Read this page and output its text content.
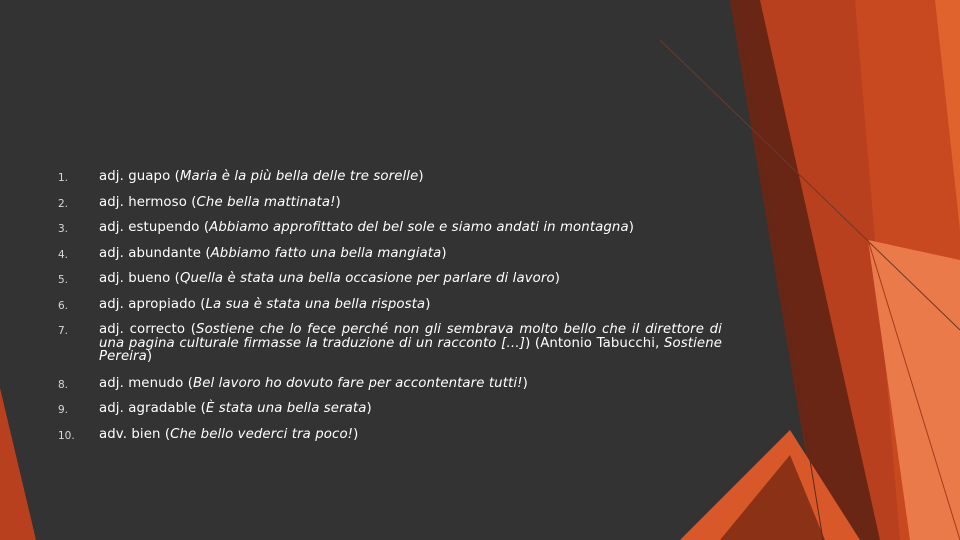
1. adj. guapo (Maria è la più bella delle tre sorelle)
2. adj. hermoso (Che bella mattinata!)
3. adj. estupendo (Abbiamo approfittato del bel sole e siamo andati in montagna)
4. adj. abundante (Abbiamo fatto una bella mangiata)
5. adj. bueno (Quella è stata una bella occasione per parlare di lavoro)
6. adj. apropiado (La sua è stata una bella risposta)
7. adj. correcto (Sostiene che lo fece perché non gli sembrava molto bello che il direttore di una pagina culturale firmasse la traduzione di un racconto […]) (Antonio Tabucchi, Sostiene Pereira)
8. adj. menudo (Bel lavoro ho dovuto fare per accontentare tutti!)
9. adj. agradable (È stata una bella serata)
10. adv. bien (Che bello vederci tra poco!)
